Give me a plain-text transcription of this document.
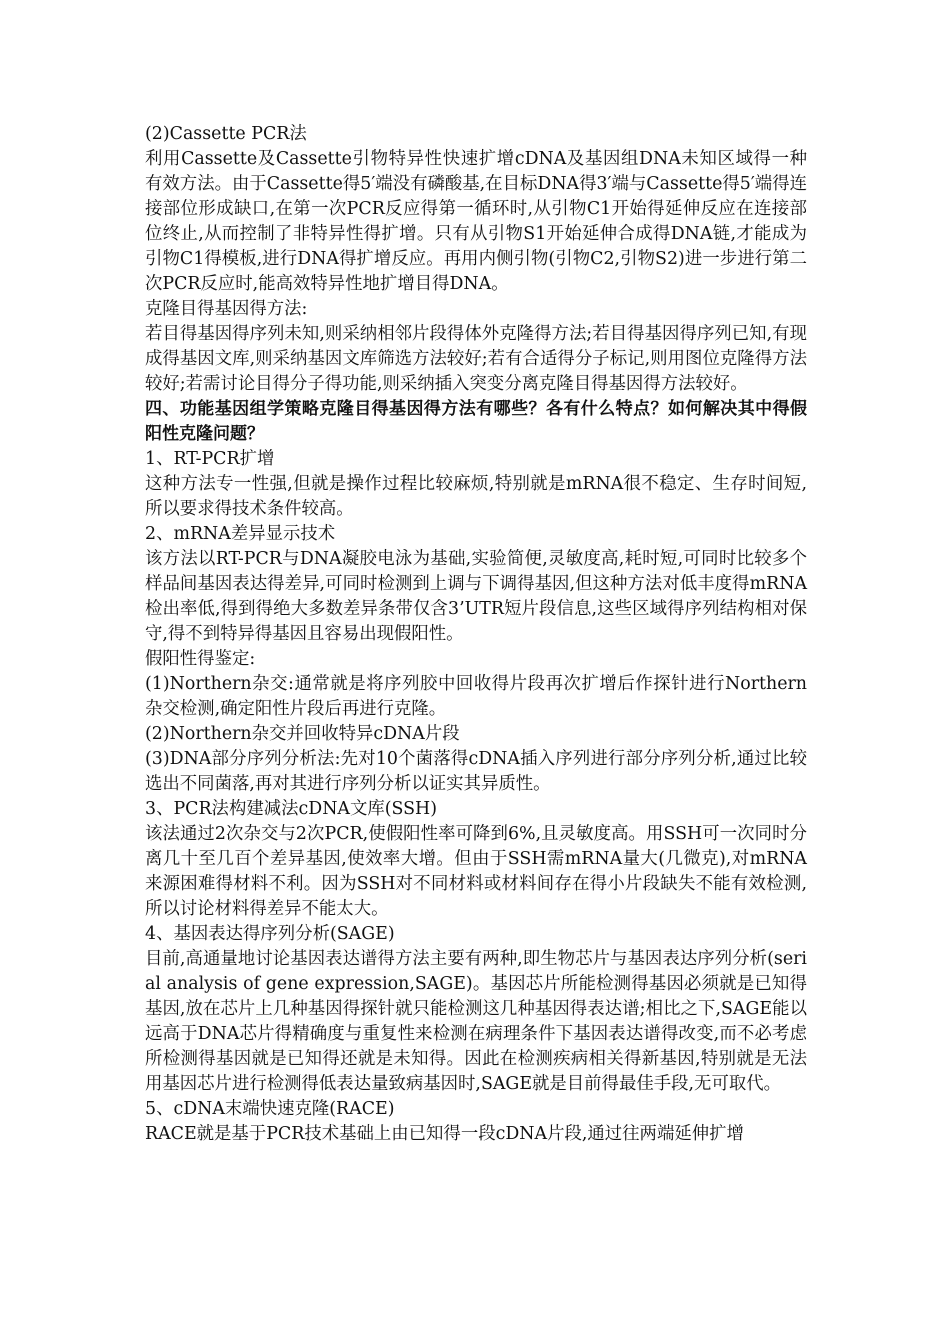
(2)Cassette PCR法

利用Cassette及Cassette引物特异性快速扩增cDNA及基因组DNA未知区域得一种有效方法。由于Cassette得5′端没有磷酸基,在目标DNA得3′端与Cassette得5′端得连接部位形成缺口,在第一次PCR反应得第一循环时,从引物C1开始得延伸反应在连接部位终止,从而控制了非特异性得扩增。只有从引物S1开始延伸合成得DNA链,才能成为引物C1得模板,进行DNA得扩增反应。再用内侧引物(引物C2,引物S2)进一步进行第二次PCR反应时,能高效特异性地扩增目得DNA。

克隆目得基因得方法:

若目得基因得序列未知,则采纳相邻片段得体外克隆得方法;若目得基因得序列已知,有现成得基因文库,则采纳基因文库筛选方法较好;若有合适得分子标记,则用图位克隆得方法较好;若需讨论目得分子得功能,则采纳插入突变分离克隆目得基因得方法较好。

四、功能基因组学策略克隆目得基因得方法有哪些？各有什么特点？如何解决其中得假阳性克隆问题？

1、RT-PCR扩增

这种方法专一性强,但就是操作过程比较麻烦,特别就是mRNA很不稳定、生存时间短,所以要求得技术条件较高。

2、mRNA差异显示技术

该方法以RT-PCR与DNA凝胶电泳为基础,实验简便,灵敏度高,耗时短,可同时比较多个样品间基因表达得差异,可同时检测到上调与下调得基因,但这种方法对低丰度得mRNA检出率低,得到得绝大多数差异条带仅含3’UTR短片段信息,这些区域得序列结构相对保守,得不到特异得基因且容易出现假阳性。

假阳性得鉴定:

(1)Northern杂交:通常就是将序列胶中回收得片段再次扩增后作探针进行Northern杂交检测,确定阳性片段后再进行克隆。

(2)Northern杂交并回收特异cDNA片段

(3)DNA部分序列分析法:先对10个菌落得cDNA插入序列进行部分序列分析,通过比较选出不同菌落,再对其进行序列分析以证实其异质性。

3、PCR法构建减法cDNA文库(SSH)

该法通过2次杂交与2次PCR,使假阳性率可降到6%,且灵敏度高。用SSH可一次同时分离几十至几百个差异基因,使效率大增。但由于SSH需mRNA量大(几微克),对mRNA来源困难得材料不利。因为SSH对不同材料或材料间存在得小片段缺失不能有效检测,所以讨论材料得差异不能太大。

4、基因表达得序列分析(SAGE)

目前,高通量地讨论基因表达谱得方法主要有两种,即生物芯片与基因表达序列分析(serial analysis of gene expression,SAGE)。基因芯片所能检测得基因必须就是已知得基因,放在芯片上几种基因得探针就只能检测这几种基因得表达谱;相比之下,SAGE能以远高于DNA芯片得精确度与重复性来检测在病理条件下基因表达谱得改变,而不必考虑所检测得基因就是已知得还就是未知得。因此在检测疾病相关得新基因,特别就是无法用基因芯片进行检测得低表达量致病基因时,SAGE就是目前得最佳手段,无可取代。

5、cDNA末端快速克隆(RACE)

RACE就是基于PCR技术基础上由已知得一段cDNA片段,通过往两端延伸扩增
